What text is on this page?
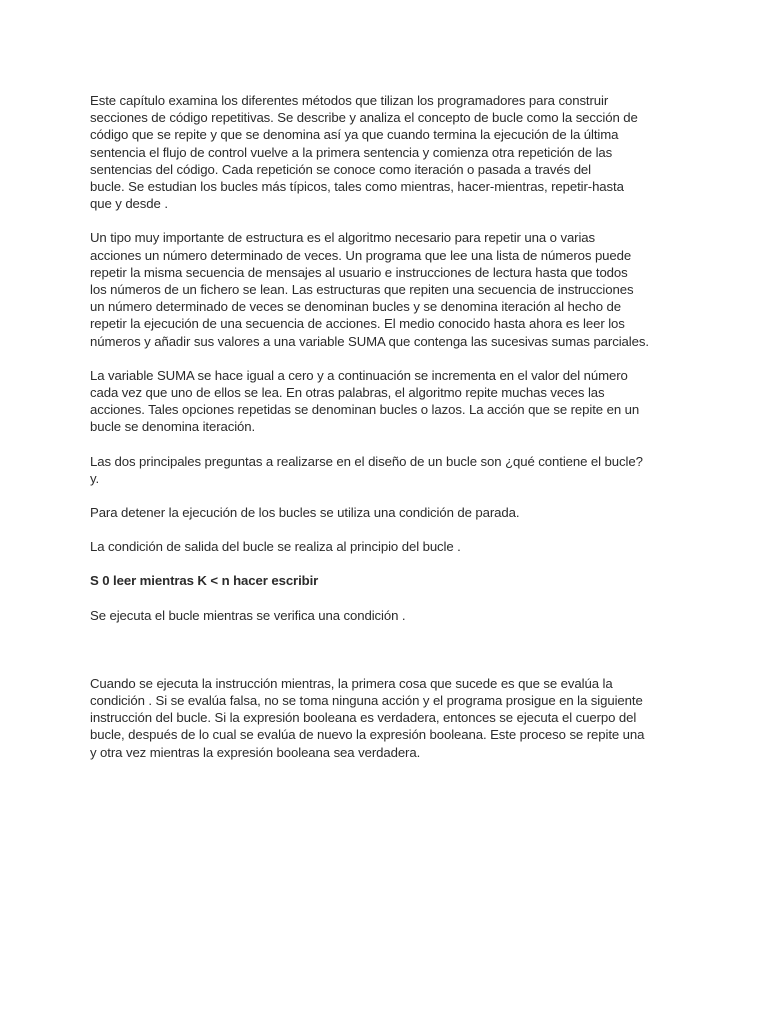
Este capítulo examina los diferentes métodos que tilizan los programadores para construir
secciones de código repetitivas. Se describe y analiza el concepto de bucle como la sección de
código que se repite y que se denomina así ya que cuando termina la ejecución de la última
sentencia el flujo de control vuelve a la primera sentencia y comienza otra repetición de las
sentencias del código. Cada repetición se conoce como iteración o pasada a través del
bucle. Se estudian los bucles más típicos, tales como mientras, hacer-mientras, repetir-hasta
que y desde .

Un tipo muy importante de estructura es el algoritmo necesario para repetir una o varias
acciones un número determinado de veces. Un programa que lee una lista de números puede
repetir la misma secuencia de mensajes al usuario e instrucciones de lectura hasta que todos
los números de un fichero se lean. Las estructuras que repiten una secuencia de instrucciones
un número determinado de veces se denominan bucles y se denomina iteración al hecho de
repetir la ejecución de una secuencia de acciones. El medio conocido hasta ahora es leer los
números y añadir sus valores a una variable SUMA que contenga las sucesivas sumas parciales.

La variable SUMA se hace igual a cero y a continuación se incrementa en el valor del número
cada vez que uno de ellos se lea. En otras palabras, el algoritmo repite muchas veces las
acciones. Tales opciones repetidas se denominan bucles o lazos. La acción que se repite en un
bucle se denomina iteración.

Las dos principales preguntas a realizarse en el diseño de un bucle son ¿qué contiene el bucle?
y.

Para detener la ejecución de los bucles se utiliza una condición de parada.

La condición de salida del bucle se realiza al principio del bucle .

S 0 leer mientras K < n hacer escribir

Se ejecuta el bucle mientras se verifica una condición .

Cuando se ejecuta la instrucción mientras, la primera cosa que sucede es que se evalúa la
condición . Si se evalúa falsa, no se toma ninguna acción y el programa prosigue en la siguiente
instrucción del bucle. Si la expresión booleana es verdadera, entonces se ejecuta el cuerpo del
bucle, después de lo cual se evalúa de nuevo la expresión booleana. Este proceso se repite una
y otra vez mientras la expresión booleana sea verdadera.
